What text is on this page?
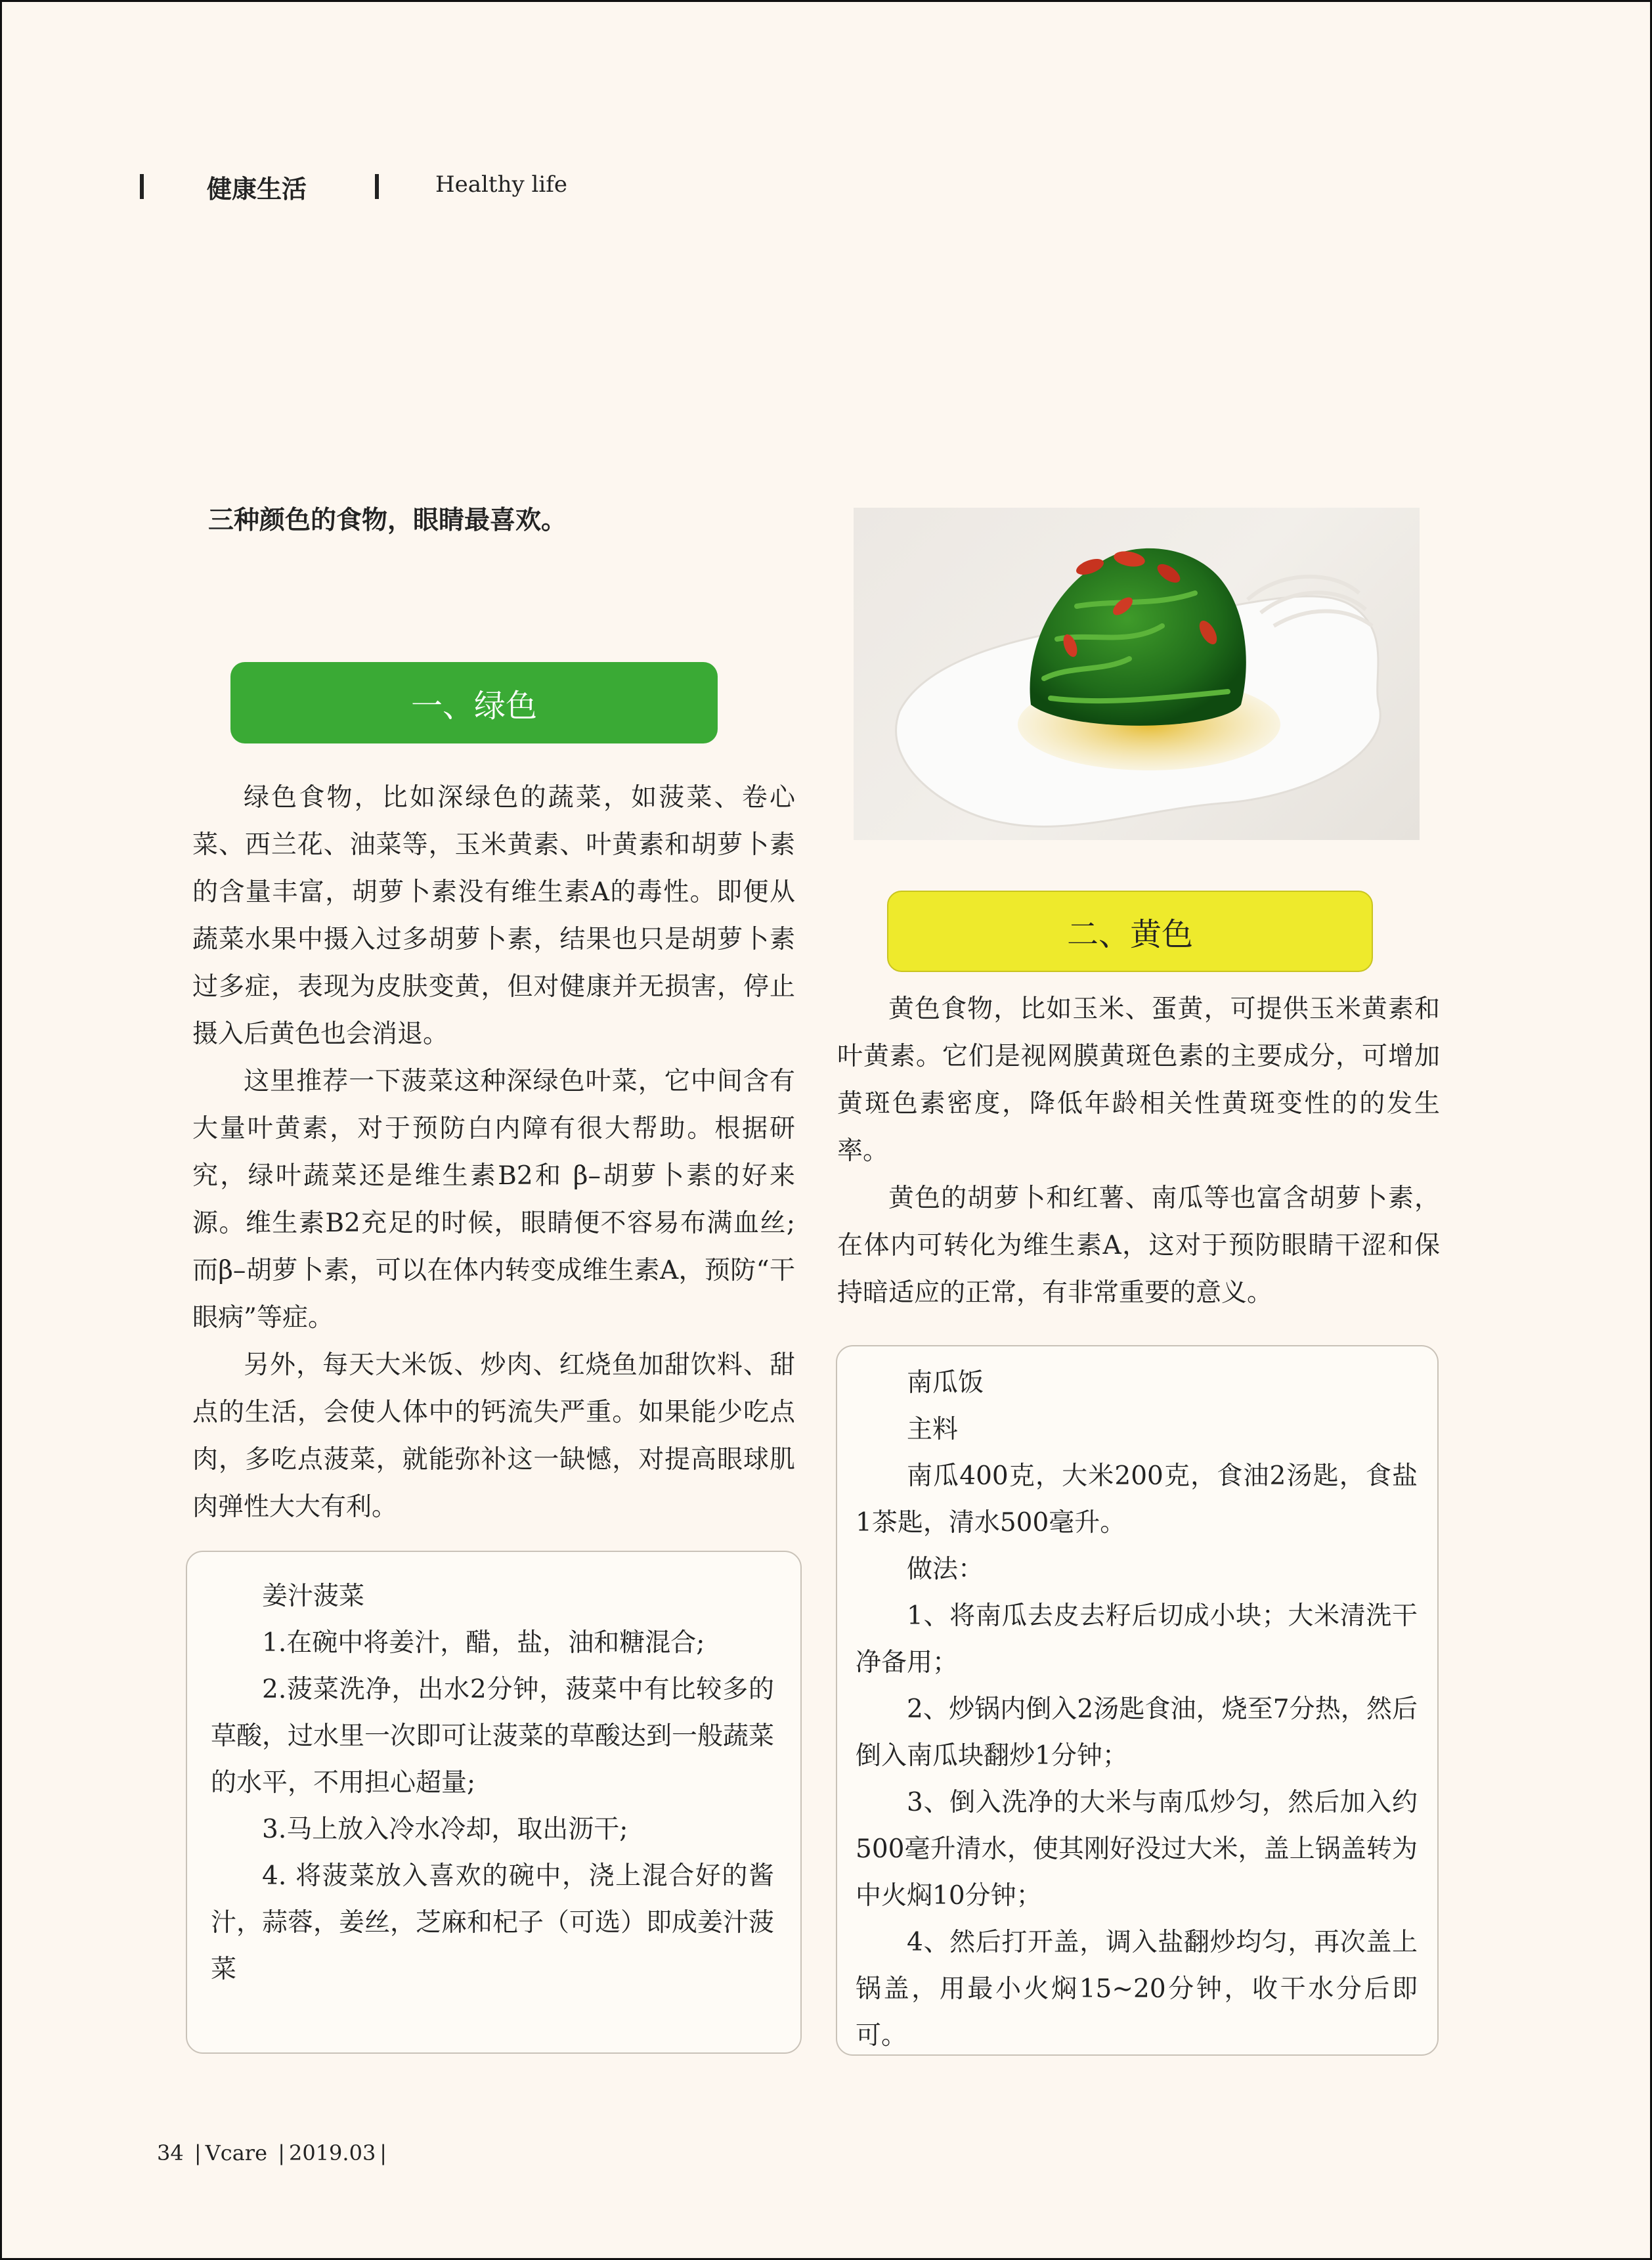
健康生活	Healthy life
三种颜色的食物，眼睛最喜欢。
一、绿色

绿色食物，比如深绿色的蔬菜，如菠菜、卷心菜、西兰花、油菜等，玉米黄素、叶黄素和胡萝卜素的含量丰富，胡萝卜素没有维生素A的毒性。即便从蔬菜水果中摄入过多胡萝卜素，结果也只是胡萝卜素过多症，表现为皮肤变黄，但对健康并无损害，停止摄入后黄色也会消退。

这里推荐一下菠菜这种深绿色叶菜，它中间含有大量叶黄素，对于预防白内障有很大帮助。根据研究，绿叶蔬菜还是维生素B2和 β–胡萝卜素的好来源。维生素B2充足的时候，眼睛便不容易布满血丝;而β–胡萝卜素，可以在体内转变成维生素A，预防“干眼病”等症。

另外，每天大米饭、炒肉、红烧鱼加甜饮料、甜点的生活，会使人体中的钙流失严重。如果能少吃点肉，多吃点菠菜，就能弥补这一缺憾，对提高眼球肌 肉弹性大大有利。

二、黄色

黄色食物，比如玉米、蛋黄，可提供玉米黄素和叶黄素。它们是视网膜黄斑色素的主要成分，可增加黄斑色素密度，降低年龄相关性黄斑变性的的发生率。

黄色的胡萝卜和红薯、南瓜等也富含胡萝卜素，在体内可转化为维生素A，这对于预防眼睛干涩和保持暗适应的正常，有非常重要的意义。

姜汁菠菜

1.在碗中将姜汁，醋，盐，油和糖混合;

2.菠菜洗净，出水2分钟，菠菜中有比较多的草酸，过水里一次即可让菠菜的草酸达到一般蔬菜的水平，不用担心超量;

3.马上放入冷水冷却，取出沥干;

4. 将菠菜放入喜欢的碗中，浇上混合好的酱汁，蒜蓉，姜丝，芝麻和杞子（可选）即成姜汁菠菜

南瓜饭

主料

南瓜400克，大米200克，食油2汤匙，食盐1茶匙，清水500毫升。

做法：

1、将南瓜去皮去籽后切成小块；大米清洗干净备用；

2、炒锅内倒入2汤匙食油，烧至7分热，然后倒入南瓜块翻炒1分钟；

3、倒入洗净的大米与南瓜炒匀，然后加入约500毫升清水，使其刚好没过大米，盖上锅盖转为中火焖10分钟；

4、然后打开盖，调入盐翻炒均匀，再次盖上锅盖，用最小火焖15~20分钟，收干水分后即可。

34 | Vcare | 2019.03 |
